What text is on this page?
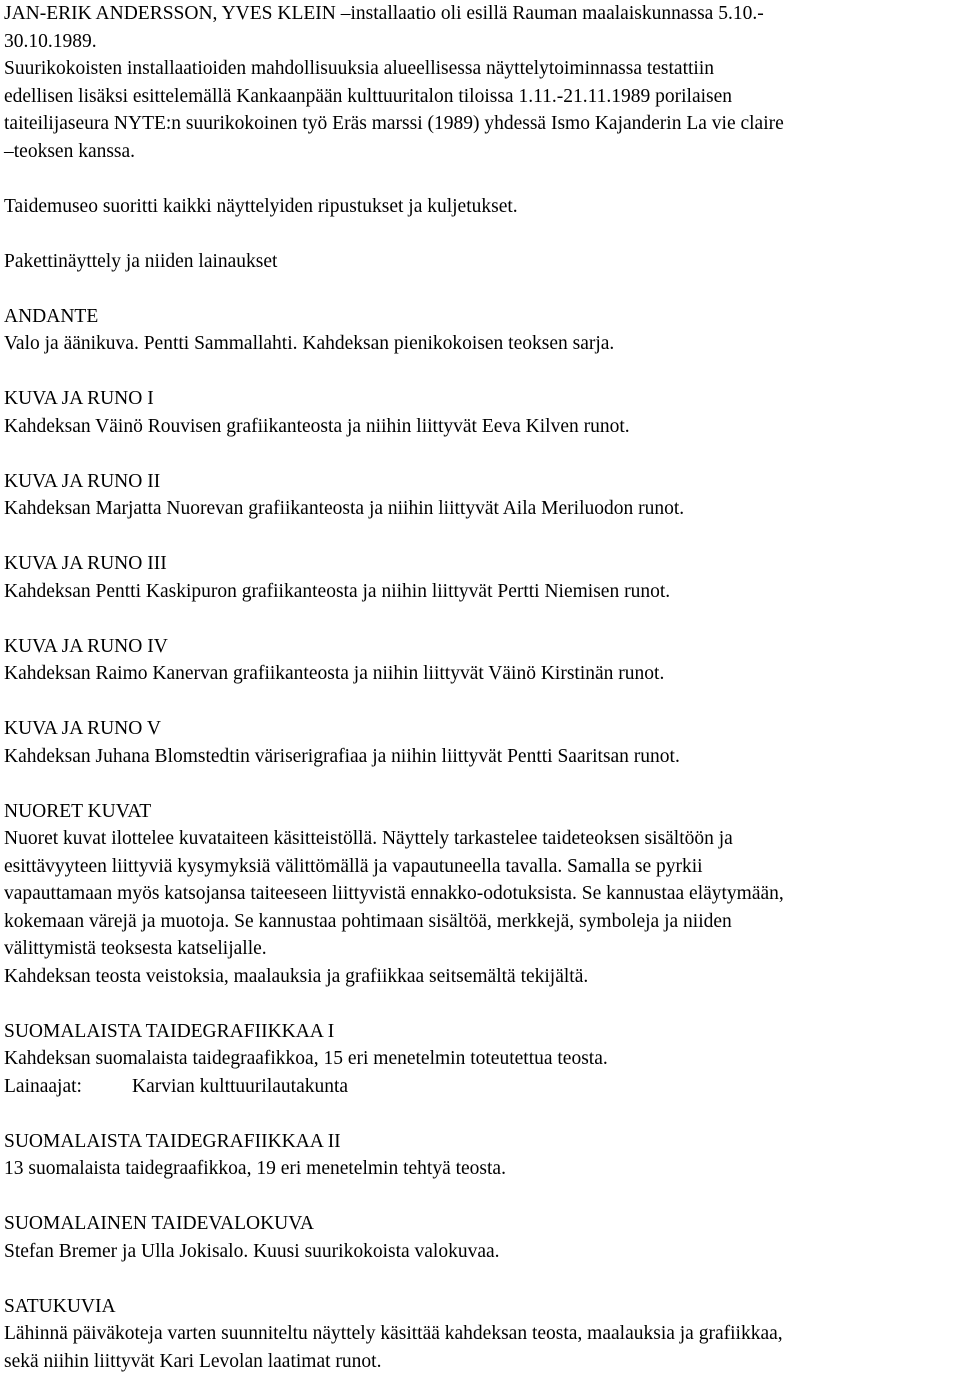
JAN-ERIK ANDERSSON, YVES KLEIN –installaatio oli esillä Rauman maalaiskunnassa 5.10.-

30.10.1989.

Suurikokoisten installaatioiden mahdollisuuksia alueellisessa näyttelytoiminnassa testattiin

edellisen lisäksi esittelemällä Kankaanpään kulttuuritalon tiloissa 1.11.-21.11.1989 porilaisen

taiteilijaseura NYTE:n suurikokoinen työ Eräs marssi (1989) yhdessä Ismo Kajanderin La vie claire

–teoksen kanssa.

Taidemuseo suoritti kaikki näyttelyiden ripustukset ja kuljetukset.

Pakettinäyttely ja niiden lainaukset

ANDANTE

Valo ja äänikuva. Pentti Sammallahti. Kahdeksan pienikokoisen teoksen sarja.

KUVA JA RUNO I

Kahdeksan Väinö Rouvisen grafiikanteosta ja niihin liittyvät Eeva Kilven runot.

KUVA JA RUNO II

Kahdeksan Marjatta Nuorevan grafiikanteosta ja niihin liittyvät Aila Meriluodon runot.

KUVA JA RUNO III

Kahdeksan Pentti Kaskipuron grafiikanteosta ja niihin liittyvät Pertti Niemisen runot.

KUVA JA RUNO IV

Kahdeksan Raimo Kanervan grafiikanteosta ja niihin liittyvät Väinö Kirstinän runot.

KUVA JA RUNO V

Kahdeksan Juhana Blomstedtin väriserigrafiaa ja niihin liittyvät Pentti Saaritsan runot.

NUORET KUVAT

Nuoret kuvat ilottelee kuvataiteen käsitteistöllä. Näyttely tarkastelee taideteoksen sisältöön ja

esittävyyteen liittyviä kysymyksiä välittömällä ja vapautuneella tavalla. Samalla se pyrkii

vapauttamaan myös katsojansa taiteeseen liittyvistä ennakko-odotuksista. Se kannustaa eläytymään,

kokemaan värejä ja muotoja. Se kannustaa pohtimaan sisältöä, merkkejä, symboleja ja niiden

välittymistä teoksesta katselijalle.

Kahdeksan teosta veistoksia, maalauksia ja grafiikkaa seitsemältä tekijältä.

SUOMALAISTA TAIDEGRAFIIKKAA I

Kahdeksan suomalaista taidegraafikkoa, 15 eri menetelmin toteutettua teosta.

Lainaajat:	Karvian kulttuurilautakunta

SUOMALAISTA TAIDEGRAFIIKKAA II

13 suomalaista taidegraafikkoa, 19 eri menetelmin tehtyä teosta.

SUOMALAINEN TAIDEVALOKUVA

Stefan Bremer ja Ulla Jokisalo. Kuusi suurikokoista valokuvaa.

SATUKUVIA

Lähinnä päiväkoteja varten suunniteltu näyttely käsittää kahdeksan teosta, maalauksia ja grafiikkaa,

sekä niihin liittyvät Kari Levolan laatimat runot.
